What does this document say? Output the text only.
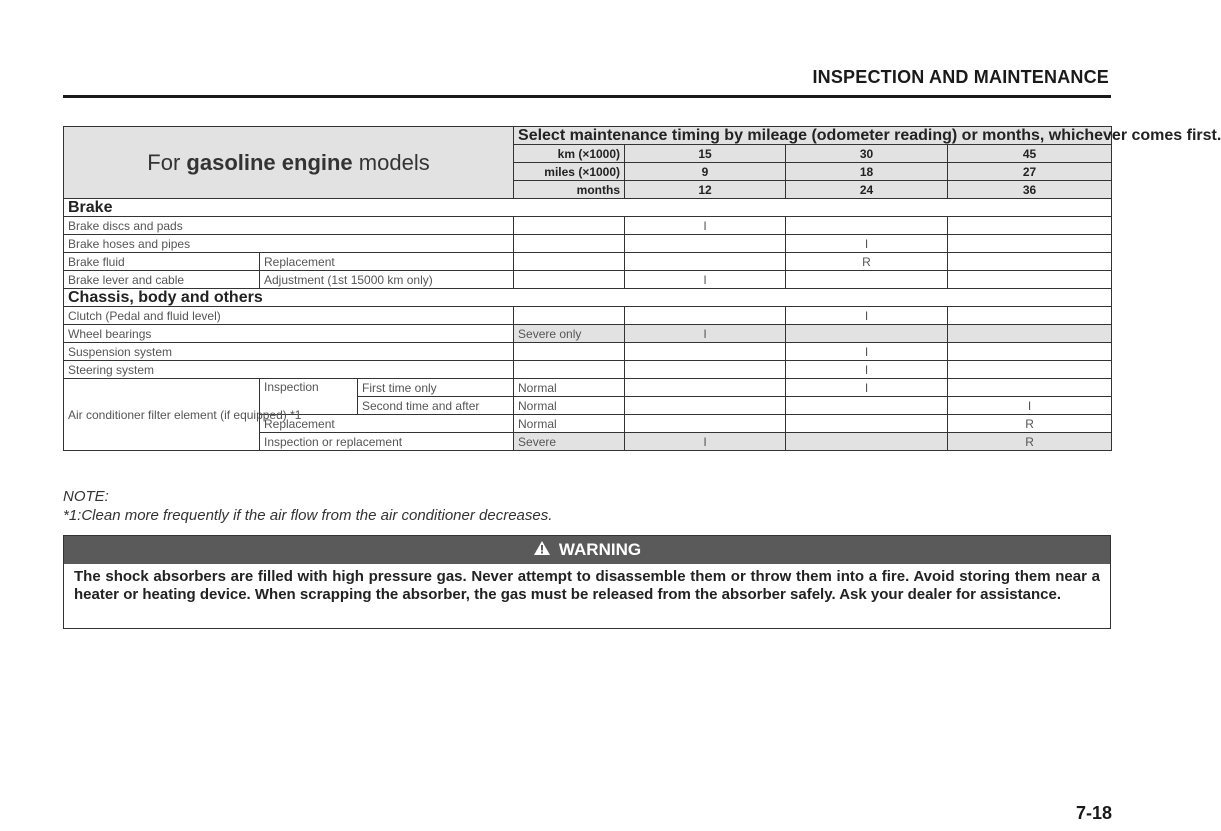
INSPECTION AND MAINTENANCE
For gasoline engine models			Select maintenance timing by mileage (odometer reading) or months, whichever comes first.			
			km (×1000)	15	30	45
			miles (×1000)	9	18	27
			months	12	24	36
Brake						
Brake discs and pads				I		
Brake hoses and pipes					I	
Brake fluid	Replacement				R	
Brake lever and cable	Adjustment (1st 15000 km only)			I		
Chassis, body and others						
Clutch (Pedal and fluid level)					I	
Wheel bearings			Severe only	I		
Suspension system					I	
Steering system					I	
Air conditioner filter element (if equipped) *1	Inspection	First time only	Normal		I	
		Second time and after	Normal			I
	Replacement		Normal			R
	Inspection or replacement		Severe	I		R
NOTE:
*1:Clean more frequently if the air flow from the air conditioner decreases.
WARNING
The shock absorbers are filled with high pressure gas. Never attempt to disassemble them or throw them into a fire. Avoid storing them near a heater or heating device. When scrapping the absorber, the gas must be released from the absorber safely. Ask your dealer for assistance.
7-18
